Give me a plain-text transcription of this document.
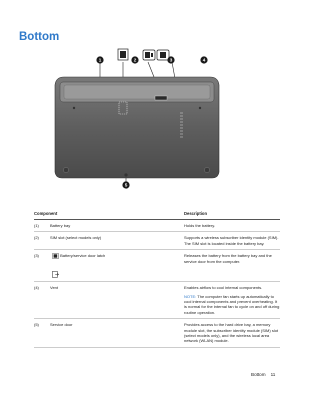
Bottom
1	2	3	4
5
Component	Description
(1)	Battery bay	Holds the battery.
(2)	SIM slot (select models only)	Supports a wireless subscriber identity module (SIM). The SIM slot is located inside the battery bay.
(3)	Battery/service door latch	Releases the battery from the battery bay and the service door from the computer.
(4)	Vent	Enables airflow to cool internal components.
NOTE: The computer fan starts up automatically to cool internal components and prevent overheating. It is normal for the internal fan to cycle on and off during routine operation.
(5)	Service door	Provides access to the hard drive bay, a memory module slot, the subscriber identity module (SIM) slot (select models only), and the wireless local area network (WLAN) module.
Bottom 11
